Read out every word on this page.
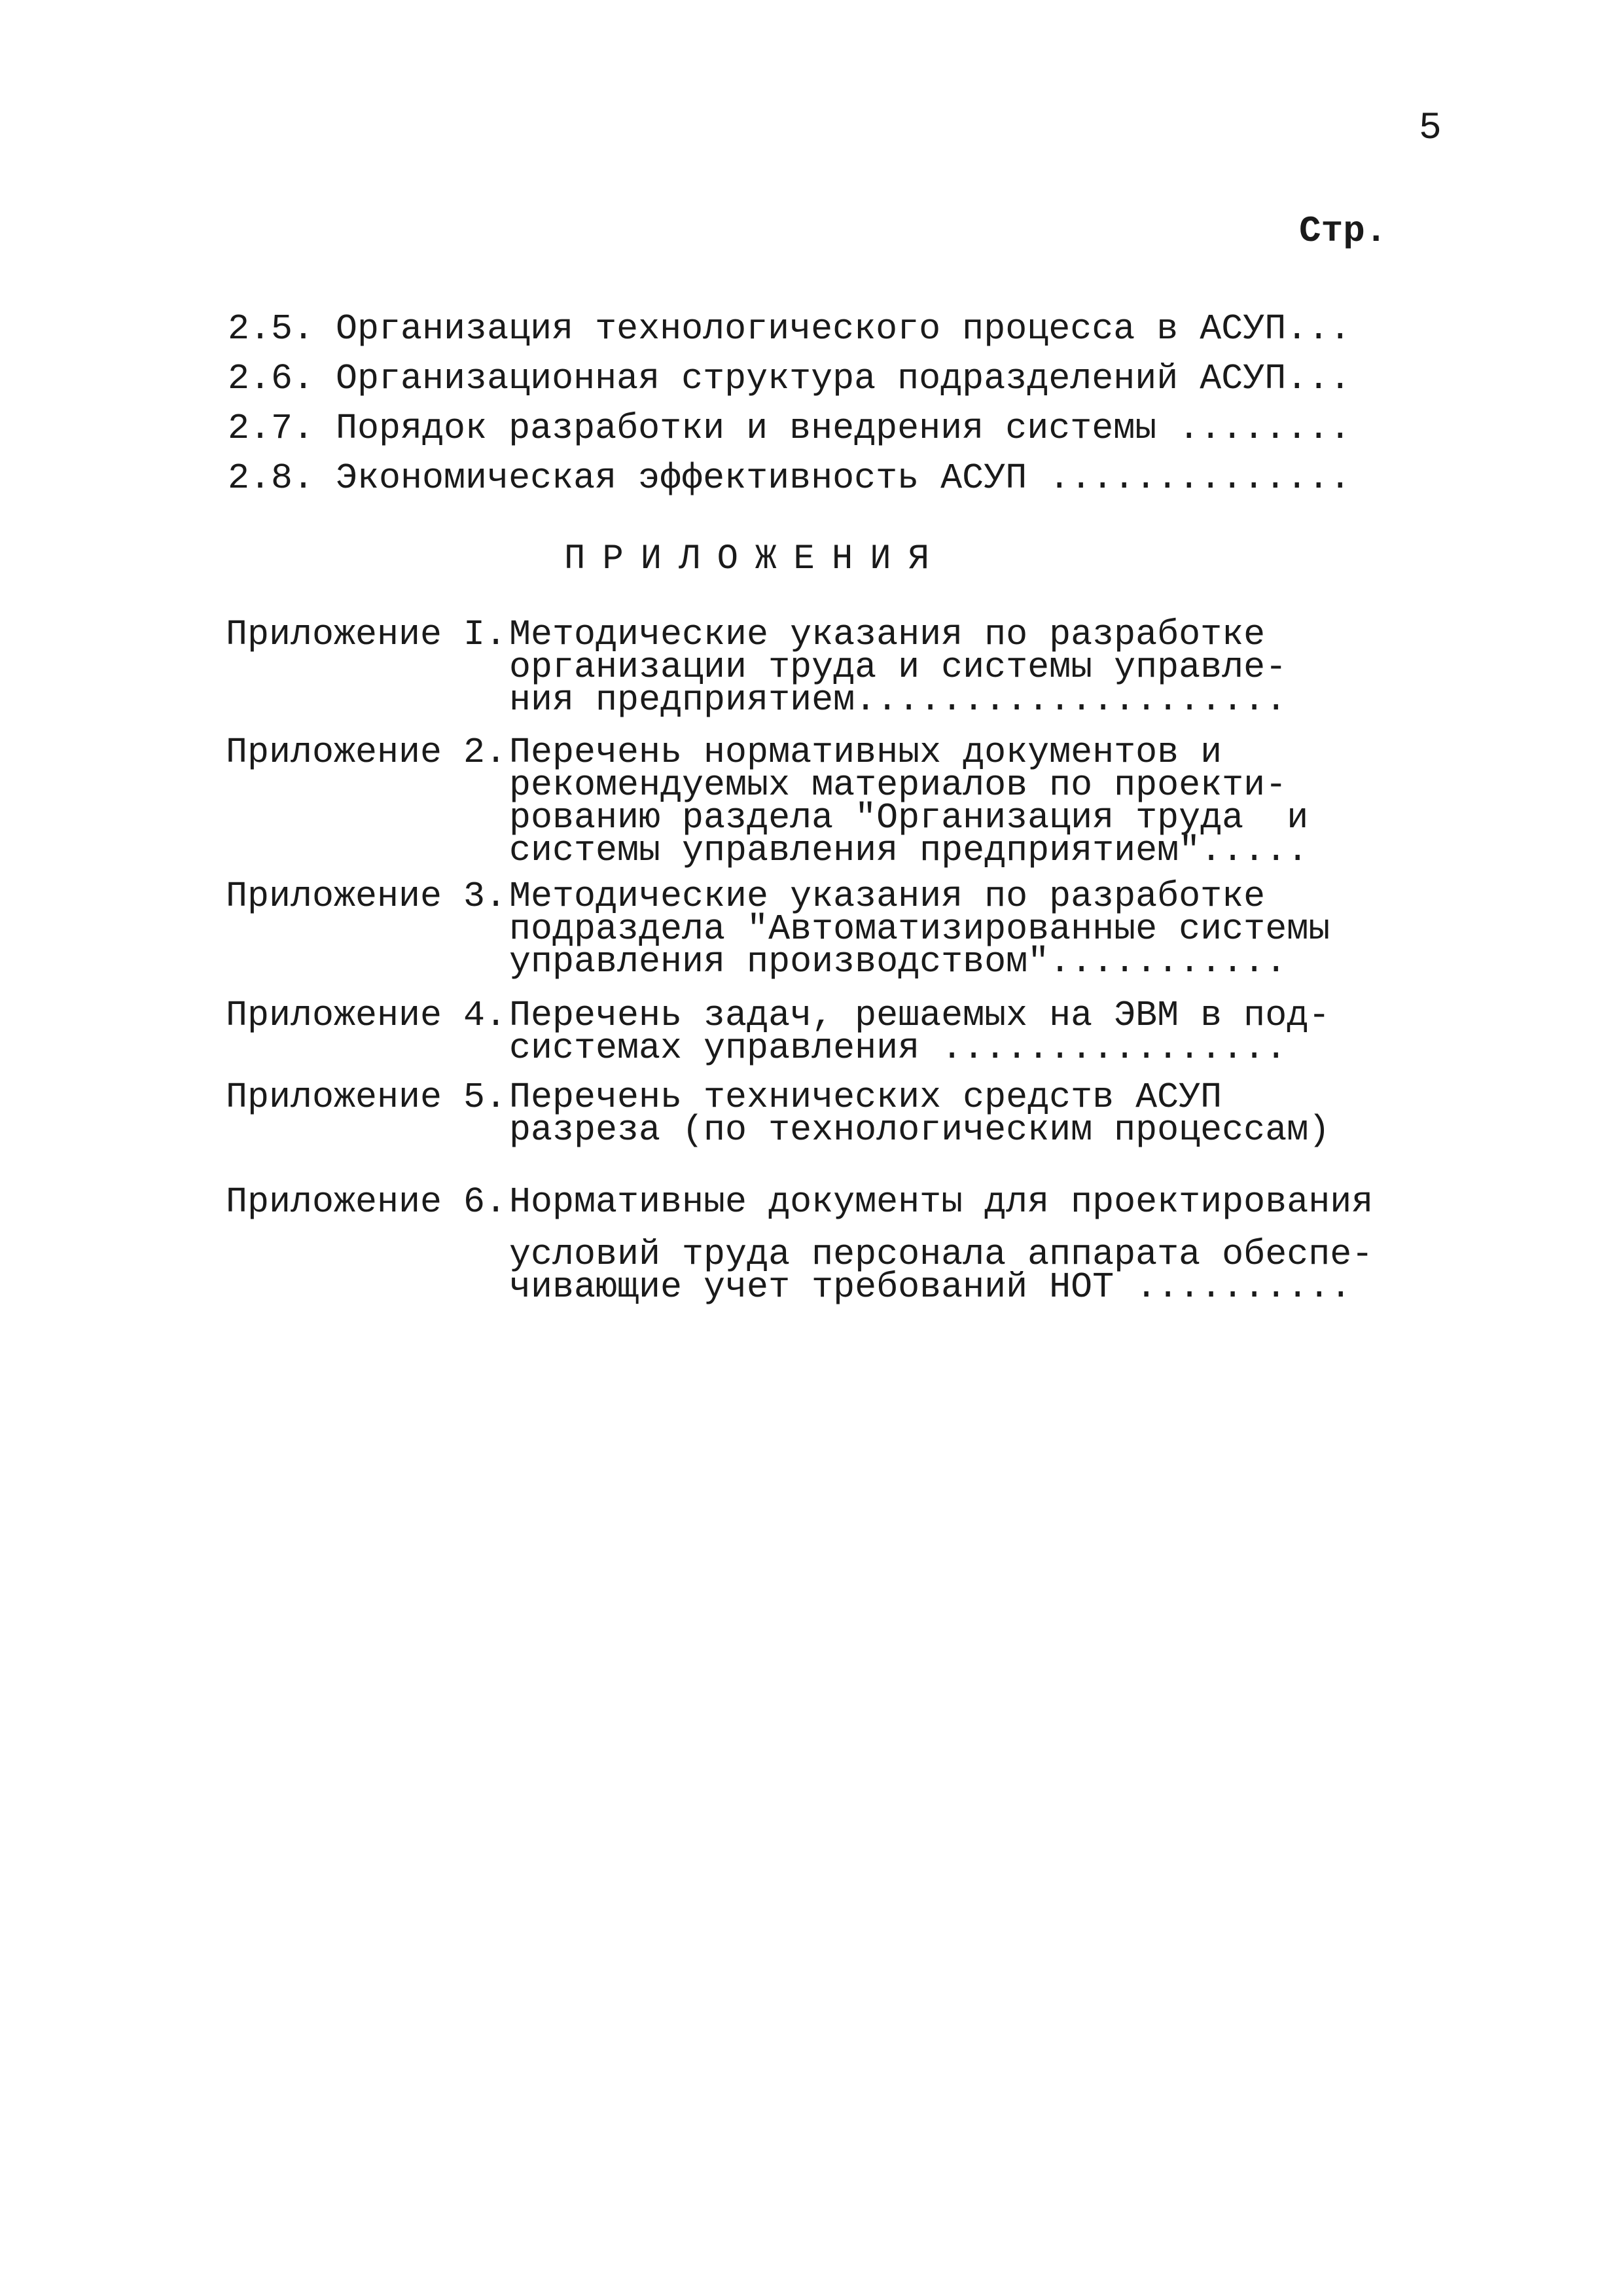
5
Стр.
2.5. Организация технологического процесса в АСУП...
2.6. Организационная структура подразделений АСУП...
2.7. Порядок разработки и внедрения системы ........
2.8. Экономическая эффективность АСУП ..............
ПРИЛОЖЕНИЯ
Приложение I. Методические указания по разработке
организации труда и системы управле-
ния предприятием....................
Приложение 2. Перечень нормативных документов и
рекомендуемых материалов по проекти-
рованию раздела "Организация труда  и
системы управления предприятием".....
Приложение 3. Методические указания по разработке
подраздела "Автоматизированные системы
управления производством"...........
Приложение 4. Перечень задач, решаемых на ЭВМ в под-
системах управления ................
Приложение 5. Перечень технических средств АСУП
разреза (по технологическим процессам)
Приложение 6. Нормативные документы для проектирования
условий труда персонала аппарата обеспе-
чивающие учет требований НОТ ..........
